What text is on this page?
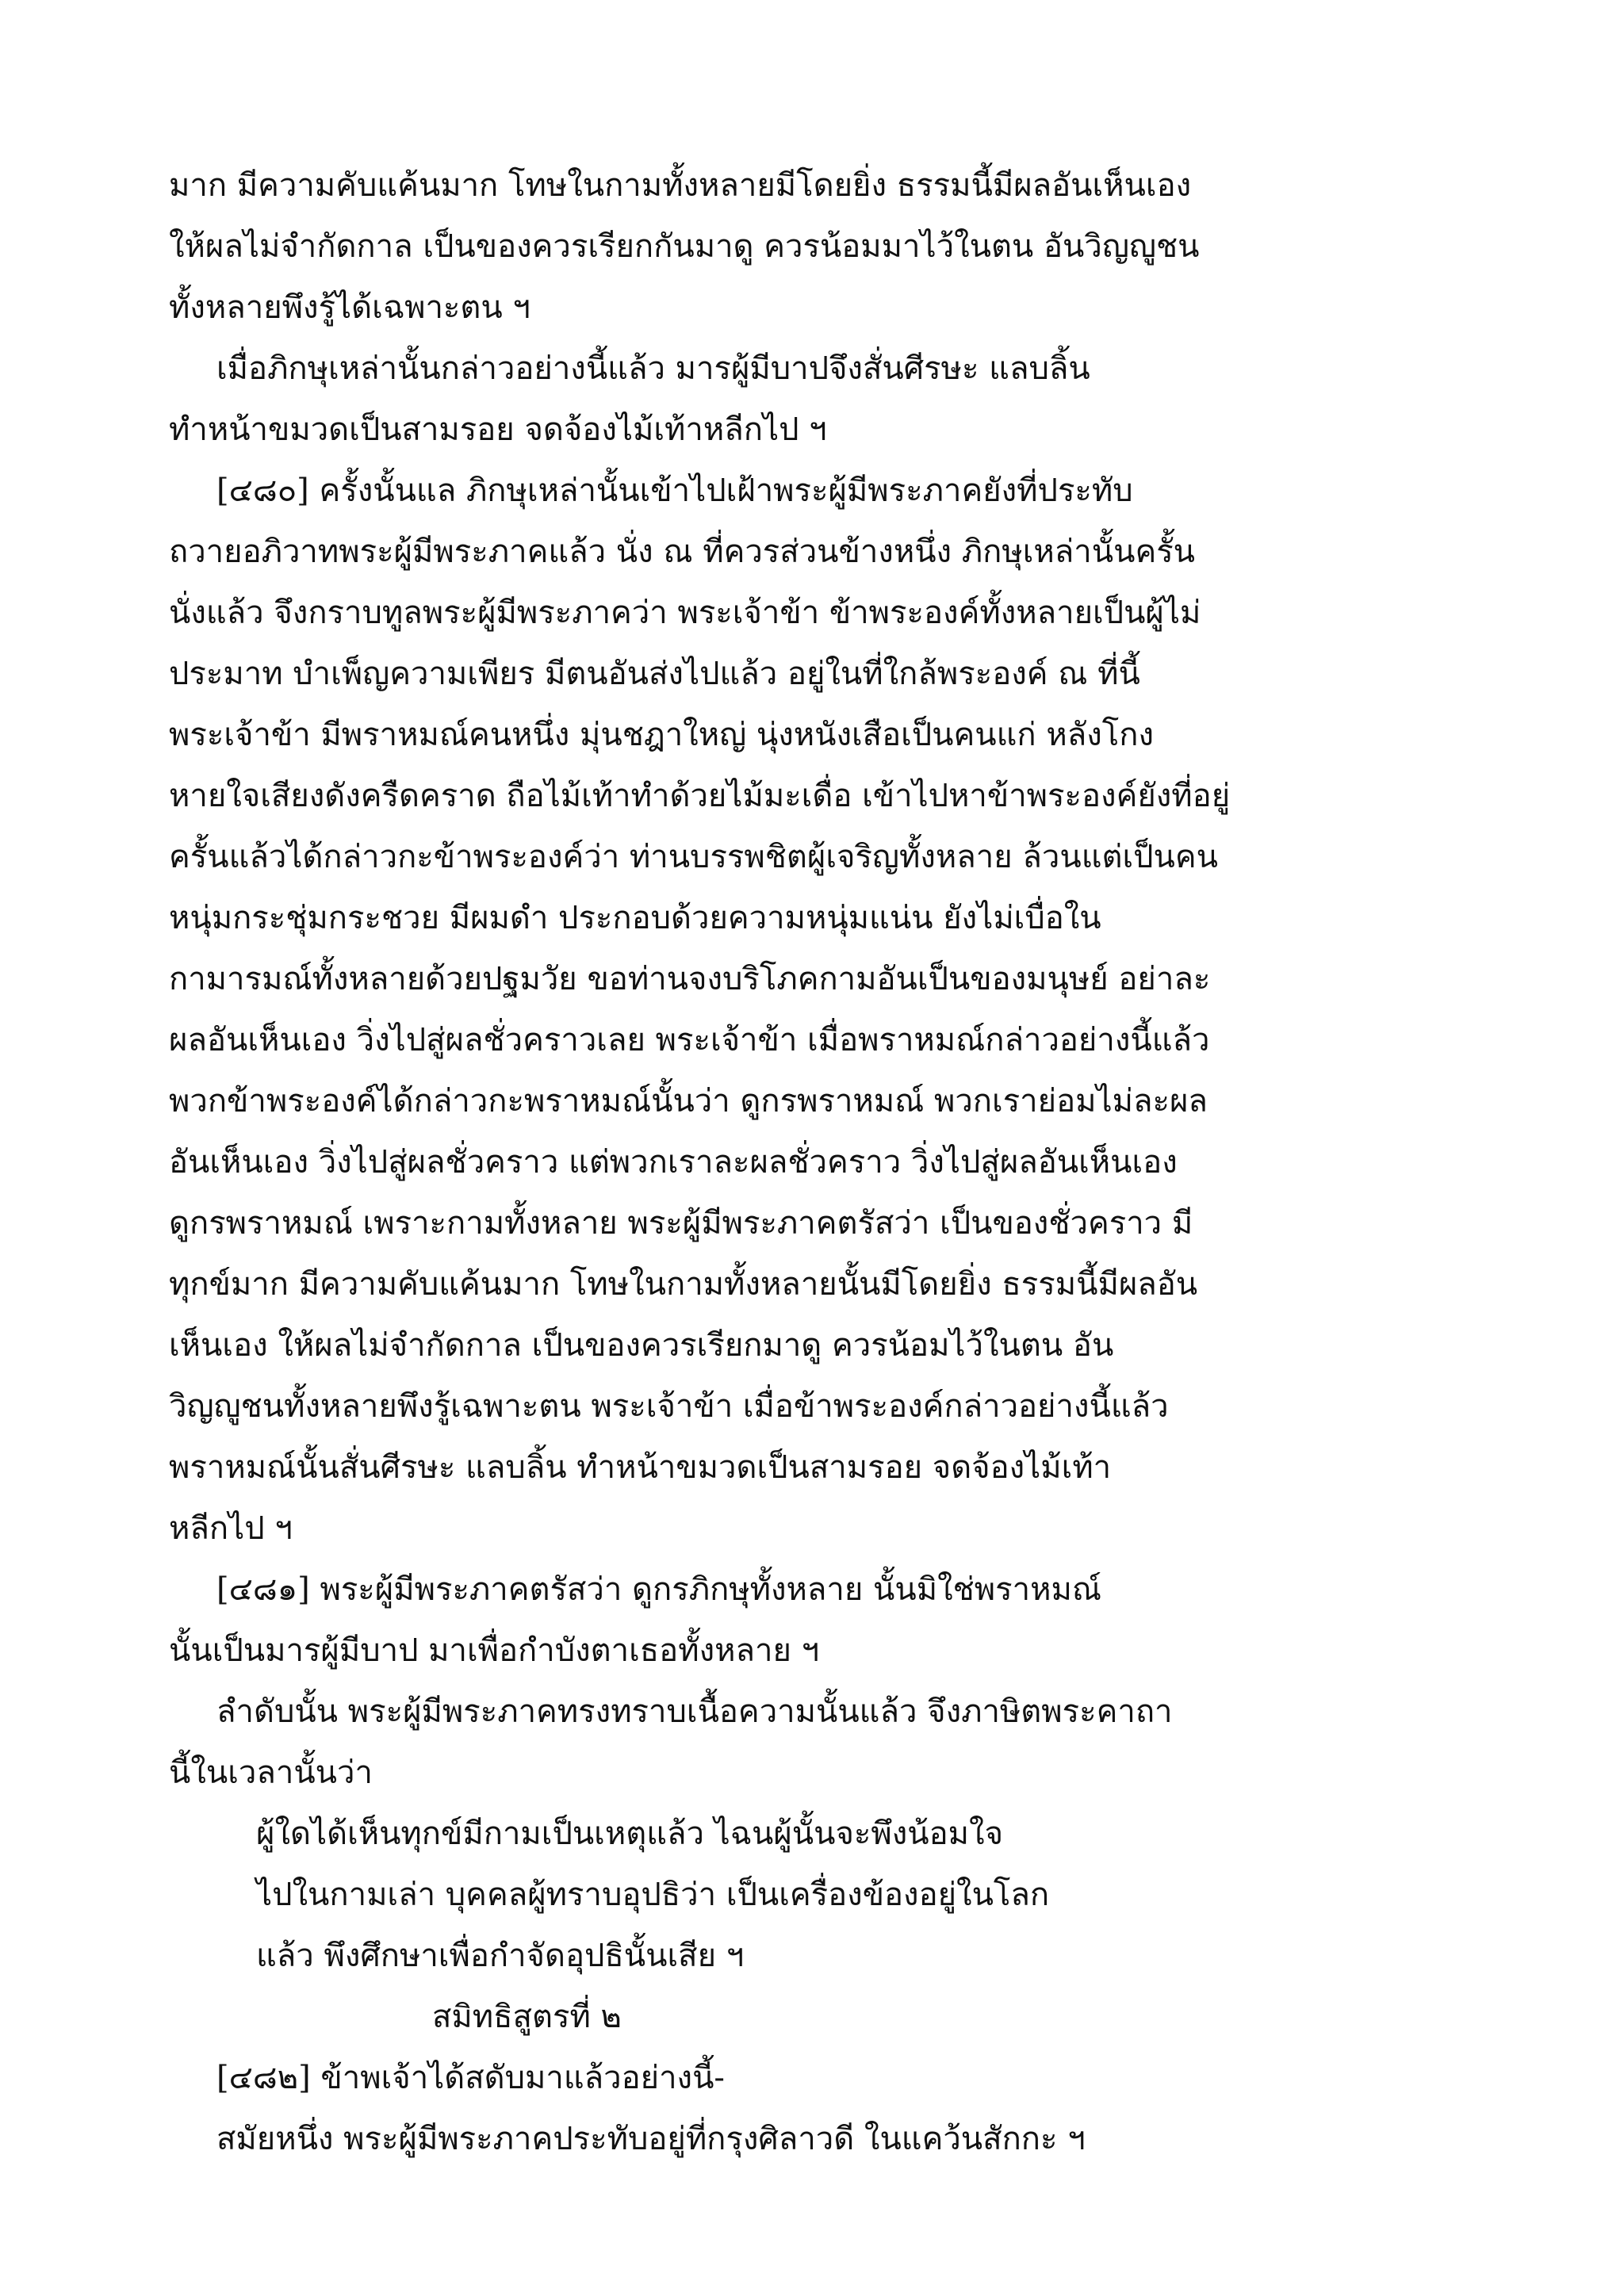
มาก มีความคับแค้นมาก โทษในกามทั้งหลายมีโดยยิ่ง ธรรมนี้มีผลอันเห็นเอง
ให้ผลไม่จำกัดกาล เป็นของควรเรียกกันมาดู ควรน้อมมาไว้ในตน อันวิญญูชน
ทั้งหลายพึงรู้ได้เฉพาะตน ฯ
เมื่อภิกษุเหล่านั้นกล่าวอย่างนี้แล้ว มารผู้มีบาปจึงสั่นศีรษะ แลบลิ้น
ทำหน้าขมวดเป็นสามรอย จดจ้องไม้เท้าหลีกไป ฯ
[๔๘๐] ครั้งนั้นแล ภิกษุเหล่านั้นเข้าไปเฝ้าพระผู้มีพระภาคยังที่ประทับ
ถวายอภิวาทพระผู้มีพระภาคแล้ว นั่ง ณ ที่ควรส่วนข้างหนึ่ง ภิกษุเหล่านั้นครั้น
นั่งแล้ว จึงกราบทูลพระผู้มีพระภาคว่า พระเจ้าข้า ข้าพระองค์ทั้งหลายเป็นผู้ไม่
ประมาท บำเพ็ญความเพียร มีตนอันส่งไปแล้ว อยู่ในที่ใกล้พระองค์ ณ ที่นี้
พระเจ้าข้า มีพราหมณ์คนหนึ่ง มุ่นชฎาใหญ่ นุ่งหนังเสือเป็นคนแก่ หลังโกง
หายใจเสียงดังครืดคราด ถือไม้เท้าทำด้วยไม้มะเดื่อ เข้าไปหาข้าพระองค์ยังที่อยู่
ครั้นแล้วได้กล่าวกะข้าพระองค์ว่า ท่านบรรพชิตผู้เจริญทั้งหลาย ล้วนแต่เป็นคน
หนุ่มกระชุ่มกระชวย มีผมดำ ประกอบด้วยความหนุ่มแน่น ยังไม่เบื่อใน
กามารมณ์ทั้งหลายด้วยปฐมวัย ขอท่านจงบริโภคกามอันเป็นของมนุษย์ อย่าละ
ผลอันเห็นเอง วิ่งไปสู่ผลชั่วคราวเลย พระเจ้าข้า เมื่อพราหมณ์กล่าวอย่างนี้แล้ว
พวกข้าพระองค์ได้กล่าวกะพราหมณ์นั้นว่า ดูกรพราหมณ์ พวกเราย่อมไม่ละผล
อันเห็นเอง วิ่งไปสู่ผลชั่วคราว แต่พวกเราละผลชั่วคราว วิ่งไปสู่ผลอันเห็นเอง
ดูกรพราหมณ์ เพราะกามทั้งหลาย พระผู้มีพระภาคตรัสว่า เป็นของชั่วคราว มี
ทุกข์มาก มีความคับแค้นมาก โทษในกามทั้งหลายนั้นมีโดยยิ่ง ธรรมนี้มีผลอัน
เห็นเอง ให้ผลไม่จำกัดกาล เป็นของควรเรียกมาดู ควรน้อมไว้ในตน อัน
วิญญูชนทั้งหลายพึงรู้เฉพาะตน พระเจ้าข้า เมื่อข้าพระองค์กล่าวอย่างนี้แล้ว
พราหมณ์นั้นสั่นศีรษะ แลบลิ้น ทำหน้าขมวดเป็นสามรอย จดจ้องไม้เท้า
หลีกไป ฯ
[๔๘๑] พระผู้มีพระภาคตรัสว่า ดูกรภิกษุทั้งหลาย นั้นมิใช่พราหมณ์
นั้นเป็นมารผู้มีบาป มาเพื่อกำบังตาเธอทั้งหลาย ฯ
ลำดับนั้น พระผู้มีพระภาคทรงทราบเนื้อความนั้นแล้ว จึงภาษิตพระคาถา
นี้ในเวลานั้นว่า
ผู้ใดได้เห็นทุกข์มีกามเป็นเหตุแล้ว ไฉนผู้นั้นจะพึงน้อมใจ
ไปในกามเล่า บุคคลผู้ทราบอุปธิว่า เป็นเครื่องข้องอยู่ในโลก
แล้ว พึงศึกษาเพื่อกำจัดอุปธินั้นเสีย ฯ
สมิทธิสูตรที่ ๒
[๔๘๒] ข้าพเจ้าได้สดับมาแล้วอย่างนี้-
สมัยหนึ่ง พระผู้มีพระภาคประทับอยู่ที่กรุงศิลาวดี ในแคว้นสักกะ ฯ
